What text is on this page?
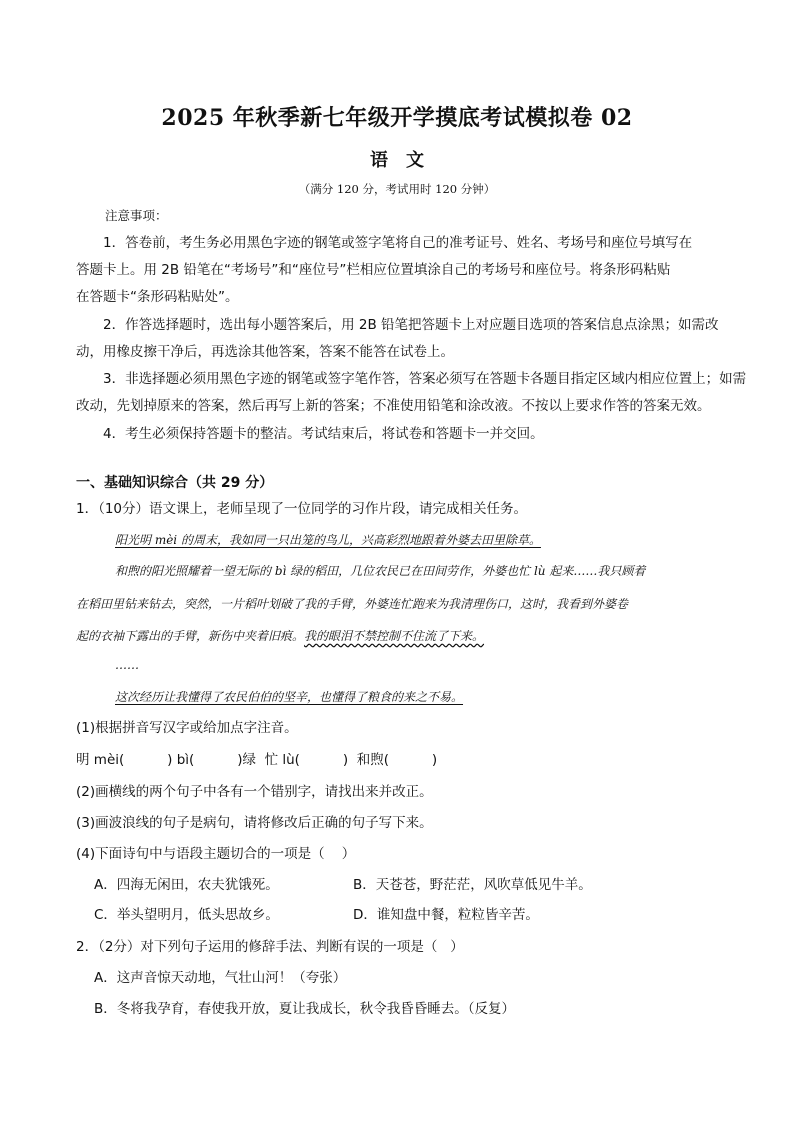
2025 年秋季新七年级开学摸底考试模拟卷 02
语文
（满分 120 分，考试用时 120 分钟）
注意事项：
1．答卷前，考生务必用黑色字迹的钢笔或签字笔将自己的准考证号、姓名、考场号和座位号填写在
答题卡上。用 2B 铅笔在“考场号”和“座位号”栏相应位置填涂自己的考场号和座位号。将条形码粘贴
在答题卡“条形码粘贴处”。
2．作答选择题时，选出每小题答案后，用 2B 铅笔把答题卡上对应题目选项的答案信息点涂黑；如需改
动，用橡皮擦干净后，再选涂其他答案，答案不能答在试卷上。
3．非选择题必须用黑色字迹的钢笔或签字笔作答，答案必须写在答题卡各题目指定区域内相应位置上；如需
改动，先划掉原来的答案，然后再写上新的答案；不准使用铅笔和涂改液。不按以上要求作答的答案无效。
4．考生必须保持答题卡的整洁。考试结束后，将试卷和答题卡一并交回。
一、基础知识综合（共 29 分）
1．（10分）语文课上，老师呈现了一位同学的习作片段，请完成相关任务。
阳光明 mèi 的周末，我如同一只出笼的鸟儿，兴高彩烈地跟着外婆去田里除草。
和煦的阳光照耀着一望无际的 bì 绿的稻田，几位农民已在田间劳作，外婆也忙 lù 起来……我只顾着
在稻田里钻来钻去，突然，一片稻叶划破了我的手臂，外婆连忙跑来为我清理伤口，这时，我看到外婆卷
起的衣袖下露出的手臂，新伤中夹着旧痕。我的眼泪不禁控制不住流了下来。
……
这次经历让我懂得了农民伯伯的坚辛，也懂得了粮食的来之不易。
(1)根据拼音写汉字或给加点字注音。
明 mèi(          ) bì(          )绿  忙 lù(          )  和煦(          )
(2)画横线的两个句子中各有一个错别字，请找出来并改正。
(3)画波浪线的句子是病句，请将修改后正确的句子写下来。
(4)下面诗句中与语段主题切合的一项是（    ）
A．四海无闲田，农夫犹饿死。	B．天苍苍，野茫茫，风吹草低见牛羊。
C．举头望明月，低头思故乡。	D．谁知盘中餐，粒粒皆辛苦。
2．（2分）对下列句子运用的修辞手法、判断有误的一项是（   ）
A．这声音惊天动地，气壮山河！（夸张）
B．冬将我孕育，春使我开放，夏让我成长，秋令我昏昏睡去。（反复）
